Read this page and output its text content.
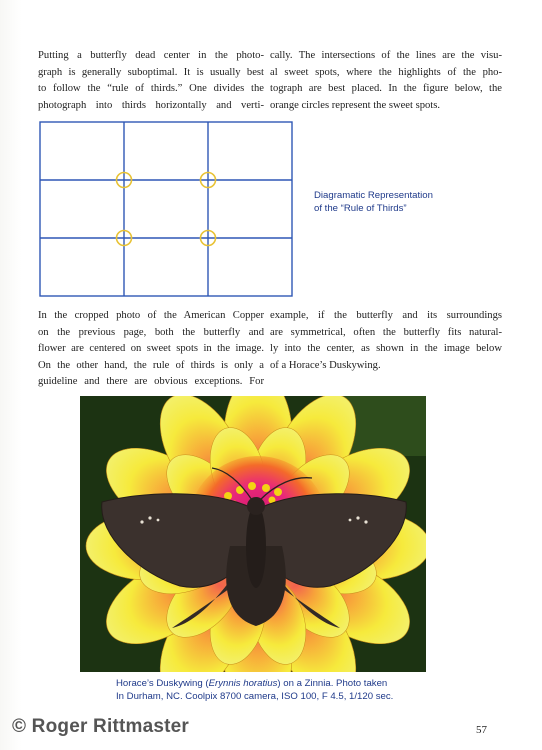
Putting a butterfly dead center in the photo-
graph is generally suboptimal. It is usually best
to follow the “rule of thirds.” One divides the
photograph into thirds horizontally and verti-
cally. The intersections of the lines are the visu-
al sweet spots, where the highlights of the pho-
tograph are best placed. In the figure below, the
orange circles represent the sweet spots.
Diagramatic Representation
of the “Rule of Thirds”
In the cropped photo of the American Copper
on the previous page, both the butterfly and
flower are centered on sweet spots in the image.
On the other hand, the rule of thirds is only a
guideline and there are obvious exceptions. For
example, if the butterfly and its surroundings
are symmetrical, often the butterfly fits natural-
ly into the center, as shown in the image below
of a Horace’s Duskywing.
Horace’s Duskywing (Erynnis horatius) on a Zinnia. Photo taken
In Durham, NC. Coolpix 8700 camera, ISO 100, F 4.5, 1/120 sec.
© Roger Rittmaster	57
